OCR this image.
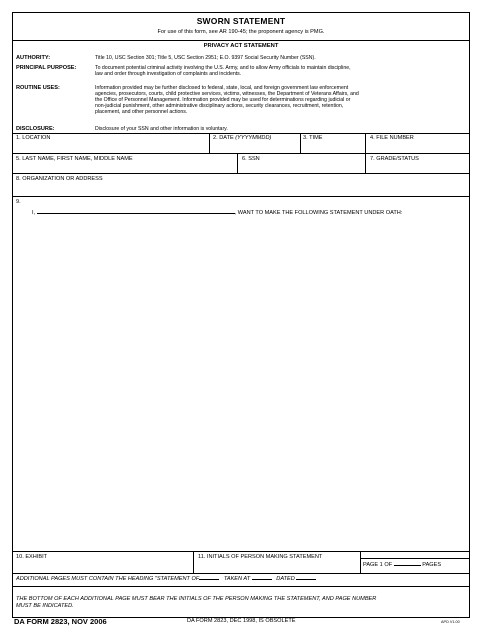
SWORN STATEMENT
For use of this form, see AR 190-45; the proponent agency is PMG.
PRIVACY ACT STATEMENT
AUTHORITY:	Title 10, USC Section 301; Title 5, USC Section 2951; E.O. 9397 Social Security Number (SSN).
PRINCIPAL PURPOSE:	To document potential criminal activity involving the U.S. Army, and to allow Army officials to maintain discipline,
law and order through investigation of complaints and incidents.
ROUTINE USES:	Information provided may be further disclosed to federal, state, local, and foreign government law enforcement
agencies, prosecutors, courts, child protective services, victims, witnesses, the Department of Veterans Affairs, and
the Office of Personnel Management. Information provided may be used for determinations regarding judicial or
non-judicial punishment, other administrative disciplinary actions, security clearances, recruitment, retention,
placement, and other personnel actions.
DISCLOSURE:	Disclosure of your SSN and other information is voluntary.
1. LOCATION	2. DATE (YYYYMMDD)	3. TIME	4. FILE NUMBER
5. LAST NAME, FIRST NAME, MIDDLE NAME	6. SSN	7. GRADE/STATUS
8. ORGANIZATION OR ADDRESS
9.
I,	, WANT TO MAKE THE FOLLOWING STATEMENT UNDER OATH:
10. EXHIBIT	11. INITIALS OF PERSON MAKING STATEMENT
PAGE 1 OF	PAGES
ADDITIONAL PAGES MUST CONTAIN THE HEADING "STATEMENT OF	TAKEN AT	DATED
THE BOTTOM OF EACH ADDITIONAL PAGE MUST BEAR THE INITIALS OF THE PERSON MAKING THE STATEMENT, AND PAGE NUMBER
MUST BE INDICATED.
DA FORM 2823, NOV 2006	DA FORM 2823, DEC 1998, IS OBSOLETE	APD V1.00
